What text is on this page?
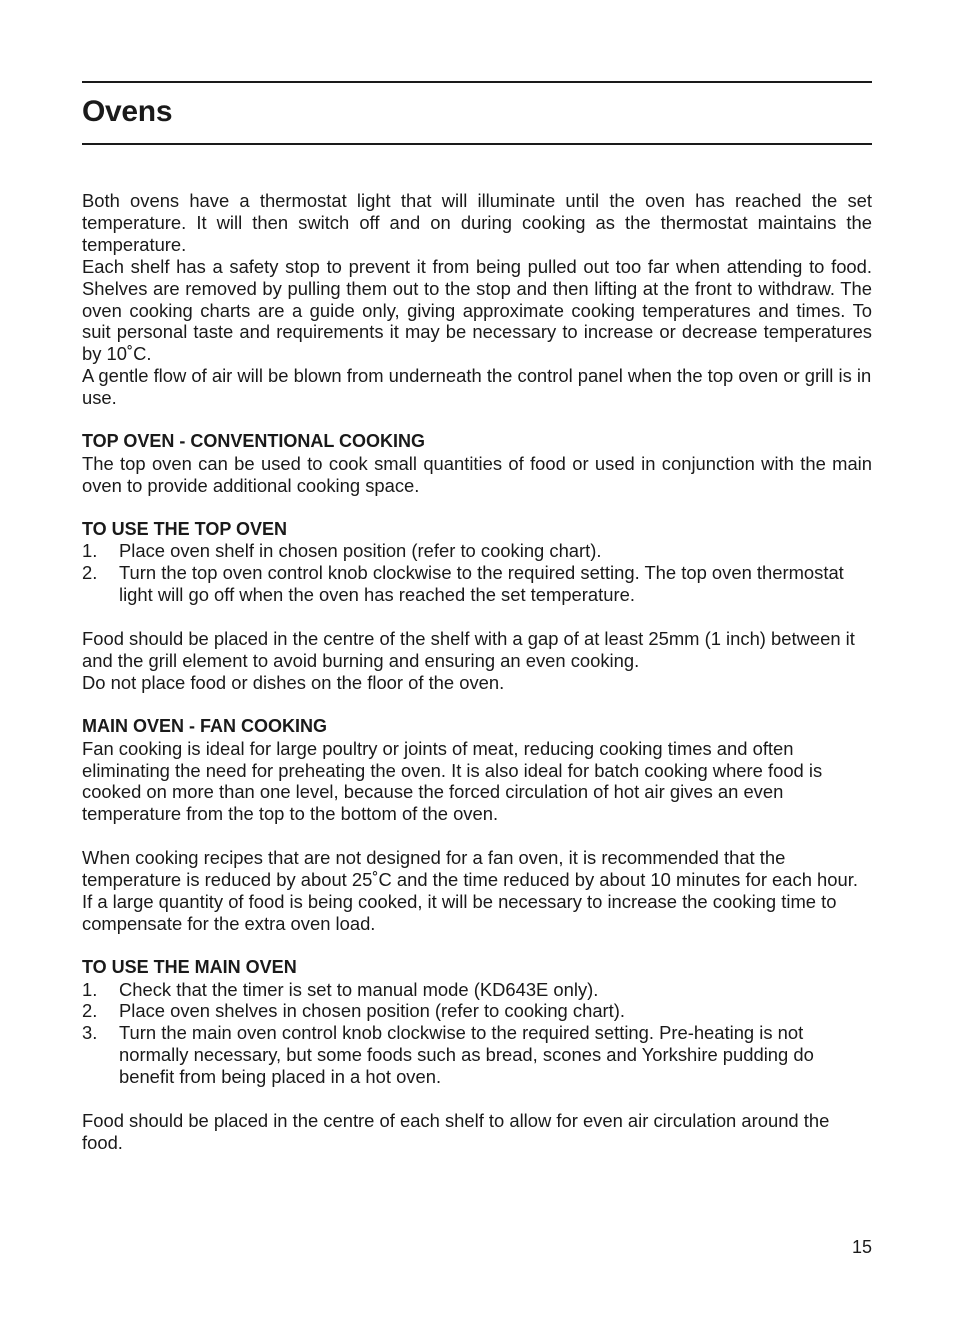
Ovens

Both ovens have a thermostat light that will illuminate until the oven has reached the set temperature. It will then switch off and on during cooking as the thermostat maintains the temperature.

Each shelf has a safety stop to prevent it from being pulled out too far when attending to food. Shelves are removed by pulling them out to the stop and then lifting at the front to withdraw. The oven cooking charts are a guide only, giving approximate cooking temperatures and times. To suit personal taste and requirements it may be necessary to increase or decrease temperatures by 10˚C.

A gentle flow of air will be blown from underneath the control panel when the top oven or grill is in use.

TOP OVEN - CONVENTIONAL COOKING

The top oven can be used to cook small quantities of food or used in conjunction with the main oven to provide additional cooking space.

TO USE THE TOP OVEN

1. Place oven shelf in chosen position (refer to cooking chart).
2. Turn the top oven control knob clockwise to the required setting. The top oven thermostat light will go off when the oven has reached the set temperature.

Food should be placed in the centre of the shelf with a gap of at least 25mm (1 inch) between it and the grill element to avoid burning and ensuring an even cooking.

Do not place food or dishes on the floor of the oven.

MAIN OVEN - FAN COOKING

Fan cooking is ideal for large poultry or joints of meat, reducing cooking times and often eliminating the need for preheating the oven. It is also ideal for batch cooking where food is cooked on more than one level, because the forced circulation of hot air gives an even temperature from the top to the bottom of the oven.

When cooking recipes that are not designed for a fan oven, it is recommended that the temperature is reduced by about 25˚C and the time reduced by about 10 minutes for each hour. If a large quantity of food is being cooked, it will be necessary to increase the cooking time to compensate for the extra oven load.

TO USE THE MAIN OVEN

1. Check that the timer is set to manual mode (KD643E only).
2. Place oven shelves in chosen position (refer to cooking chart).
3. Turn the main oven control knob clockwise to the required setting. Pre-heating is not normally necessary, but some foods such as bread, scones and Yorkshire pudding do benefit from being placed in a hot oven.

Food should be placed in the centre of each shelf to allow for even air circulation around the food.

15
